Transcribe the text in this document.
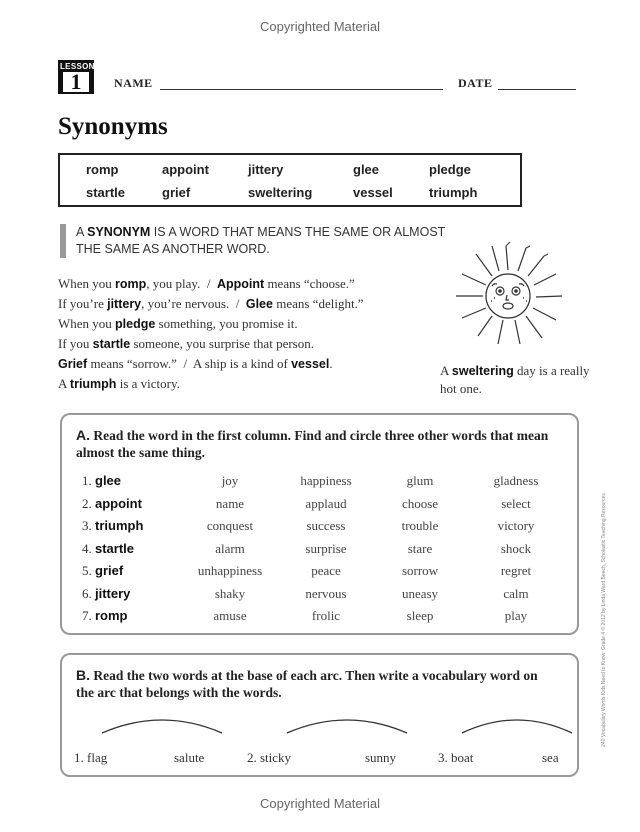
Copyrighted Material
LESSON
1	NAME	DATE
Synonyms
romp	appoint	jittery	glee	pledge
startle	grief	sweltering	vessel	triumph
A SYNONYM IS A WORD THAT MEANS THE SAME OR ALMOST THE SAME AS ANOTHER WORD.
When you romp, you play.  /  Appoint means “choose.”
If you’re jittery, you’re nervous.  /  Glee means “delight.”
When you pledge something, you promise it.
If you startle someone, you surprise that person.
Grief means “sorrow.”  /  A ship is a kind of vessel.
A triumph is a victory.
A sweltering day is a really hot one.
A. Read the word in the first column. Find and circle three other words that mean almost the same thing.
1. glee	joy	happiness	glum	gladness
2. appoint	name	applaud	choose	select
3. triumph	conquest	success	trouble	victory
4. startle	alarm	surprise	stare	shock
5. grief	unhappiness	peace	sorrow	regret
6. jittery	shaky	nervous	uneasy	calm
7. romp	amuse	frolic	sleep	play
B. Read the two words at the base of each arc. Then write a vocabulary word on the arc that belongs with the words.
1. flag	salute	2. sticky	sunny	3. boat	sea
240 Vocabulary Words Kids Need to Know: Grade 4 © 2012 by Linda Ward Beech, Scholastic Teaching Resources
Copyrighted Material
